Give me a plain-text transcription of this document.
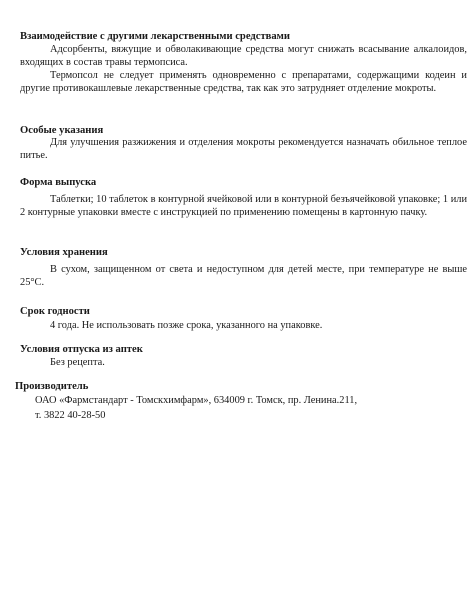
Взаимодействие с другими лекарственными средствами
Адсорбенты, вяжущие и обволакивающие средства могут снижать всасывание алкалоидов, входящих в состав травы термопсиса.
Термопсол не следует применять одновременно с препаратами, содержащими кодеин и другие противокашлевые лекарственные средства, так как это затрудняет отделение мокроты.
Особые указания
Для улучшения разжижения и отделения мокроты рекомендуется назначать обильное теплое питье.
Форма выпуска
Таблетки; 10 таблеток в контурной ячейковой или в контурной безъячейковой упаковке; 1 или 2 контурные упаковки вместе с инструкцией по применению помещены в картонную пачку.
Условия хранения
В сухом, защищенном от света и недоступном для детей месте, при температуре не выше 25°С.
Срок годности
4 года. Не использовать позже срока, указанного на упаковке.
Условия отпуска из аптек
Без рецепта.
Производитель
ОАО «Фармстандарт - Томскхимфарм», 634009 г. Томск, пр. Ленина.211,
т. 3822 40-28-50
